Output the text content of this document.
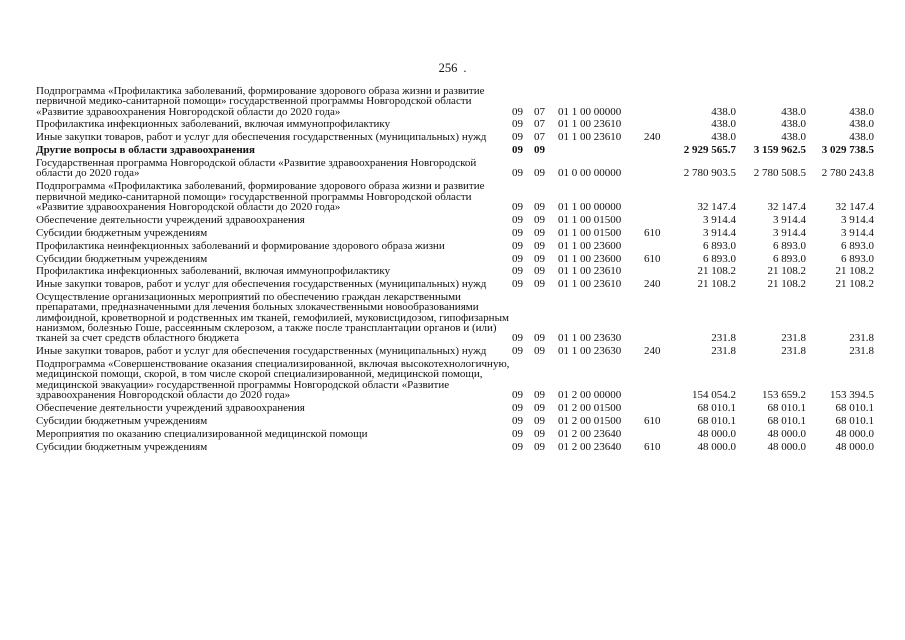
256 .
Подпрограмма «Профилактика заболеваний, формирование здорового образа жизни и развитие первичной медико-санитарной помощи» государственной программы Новгородской области «Развитие здравоохранения Новгородской области до 2020 года»	09	07	01 1 00 00000		438.0	438.0	438.0
Профилактика инфекционных заболеваний, включая иммунопрофилактику	09	07	01 1 00 23610		438.0	438.0	438.0
Иные закупки товаров, работ и услуг для обеспечения государственных (муниципальных) нужд	09	07	01 1 00 23610	240	438.0	438.0	438.0
Другие вопросы в области здравоохранения	09	09			2 929 565.7	3 159 962.5	3 029 738.5
Государственная программа Новгородской области «Развитие здравоохранения Новгородской области до 2020 года»	09	09	01 0 00 00000		2 780 903.5	2 780 508.5	2 780 243.8
Подпрограмма «Профилактика заболеваний, формирование здорового образа жизни и развитие первичной медико-санитарной помощи» государственной программы Новгородской области «Развитие здравоохранения Новгородской области до 2020 года»	09	09	01 1 00 00000		32 147.4	32 147.4	32 147.4
Обеспечение деятельности учреждений здравоохранения	09	09	01 1 00 01500		3 914.4	3 914.4	3 914.4
Субсидии бюджетным учреждениям	09	09	01 1 00 01500	610	3 914.4	3 914.4	3 914.4
Профилактика неинфекционных заболеваний и формирование здорового образа жизни	09	09	01 1 00 23600		6 893.0	6 893.0	6 893.0
Субсидии бюджетным учреждениям	09	09	01 1 00 23600	610	6 893.0	6 893.0	6 893.0
Профилактика инфекционных заболеваний, включая иммунопрофилактику	09	09	01 1 00 23610		21 108.2	21 108.2	21 108.2
Иные закупки товаров, работ и услуг для обеспечения государственных (муниципальных) нужд	09	09	01 1 00 23610	240	21 108.2	21 108.2	21 108.2
Осуществление организационных мероприятий по обеспечению граждан лекарственными препаратами, предназначенными для лечения больных злокачественными новообразованиями лимфоидной, кроветворной и родственных им тканей, гемофилией, муковисцидозом, гипофизарным нанизмом, болезнью Гоше, рассеянным склерозом, а также после трансплантации органов и (или) тканей за счет средств областного бюджета	09	09	01 1 00 23630		231.8	231.8	231.8
Иные закупки товаров, работ и услуг для обеспечения государственных (муниципальных) нужд	09	09	01 1 00 23630	240	231.8	231.8	231.8
Подпрограмма «Совершенствование оказания специализированной, включая высокотехнологичную, медицинской помощи, скорой, в том числе скорой специализированной, медицинской помощи, медицинской эвакуации» государственной программы Новгородской области «Развитие здравоохранения Новгородской области до 2020 года»	09	09	01 2 00 00000		154 054.2	153 659.2	153 394.5
Обеспечение деятельности учреждений здравоохранения	09	09	01 2 00 01500		68 010.1	68 010.1	68 010.1
Субсидии бюджетным учреждениям	09	09	01 2 00 01500	610	68 010.1	68 010.1	68 010.1
Мероприятия по оказанию специализированной медицинской помощи	09	09	01 2 00 23640		48 000.0	48 000.0	48 000.0
Субсидии бюджетным учреждениям	09	09	01 2 00 23640	610	48 000.0	48 000.0	48 000.0
